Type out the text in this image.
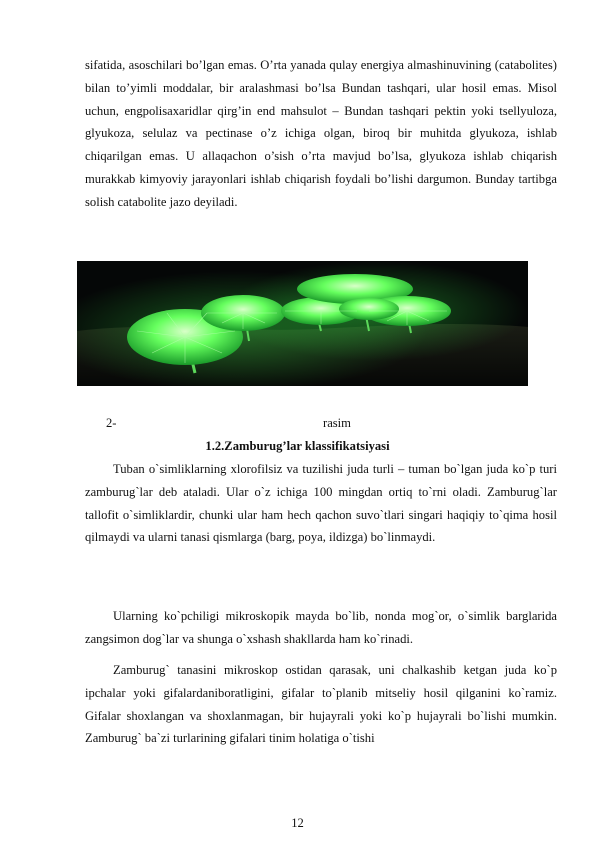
sifatida, asoschilari bo’lgan emas. O’rta yanada qulay energiya almashinuvining (catabolites) bilan to’yimli moddalar, bir aralashmasi bo’lsa Bundan tashqari, ular hosil emas. Misol uchun, engpolisaxaridlar qirg’in end mahsulot – Bundan tashqari pektin yoki tsellyuloza, glyukoza, selulaz va pectinase o’z ichiga olgan, biroq bir muhitda glyukoza, ishlab chiqarilgan emas. U allaqachon o’sish o’rta mavjud bo’lsa, glyukoza ishlab chiqarish murakkab kimyoviy jarayonlari ishlab chiqarish foydali bo’lishi dargumon. Bunday tartibga solish catabolite jazo deyiladi.

2-	rasim
1.2.Zamburug’lar klassifikatsiyasi

Tuban o`simliklarning xlorofilsiz va tuzilishi juda turli – tuman bo`lgan juda ko`p turi zamburug`lar deb ataladi. Ular o`z ichiga 100 mingdan ortiq to`rni oladi. Zamburug`lar tallofit o`simliklardir, chunki ular ham hech qachon suvo`tlari singari haqiqiy to`qima hosil qilmaydi va ularni tanasi qismlarga (barg, poya, ildizga) bo`linmaydi.

Ularning ko`pchiligi mikroskopik mayda bo`lib, nonda mog`or, o`simlik barglarida zangsimon dog`lar va shunga o`xshash shakllarda ham ko`rinadi.

Zamburug` tanasini mikroskop ostidan qarasak, uni chalkashib ketgan juda ko`p ipchalar yoki gifalardaniboratligini, gifalar to`planib mitseliy hosil qilganini ko`ramiz. Gifalar shoxlangan va shoxlanmagan, bir hujayrali yoki ko`p hujayrali bo`lishi mumkin. Zamburug` ba`zi turlarining gifalari tinim holatiga o`tishi

12
